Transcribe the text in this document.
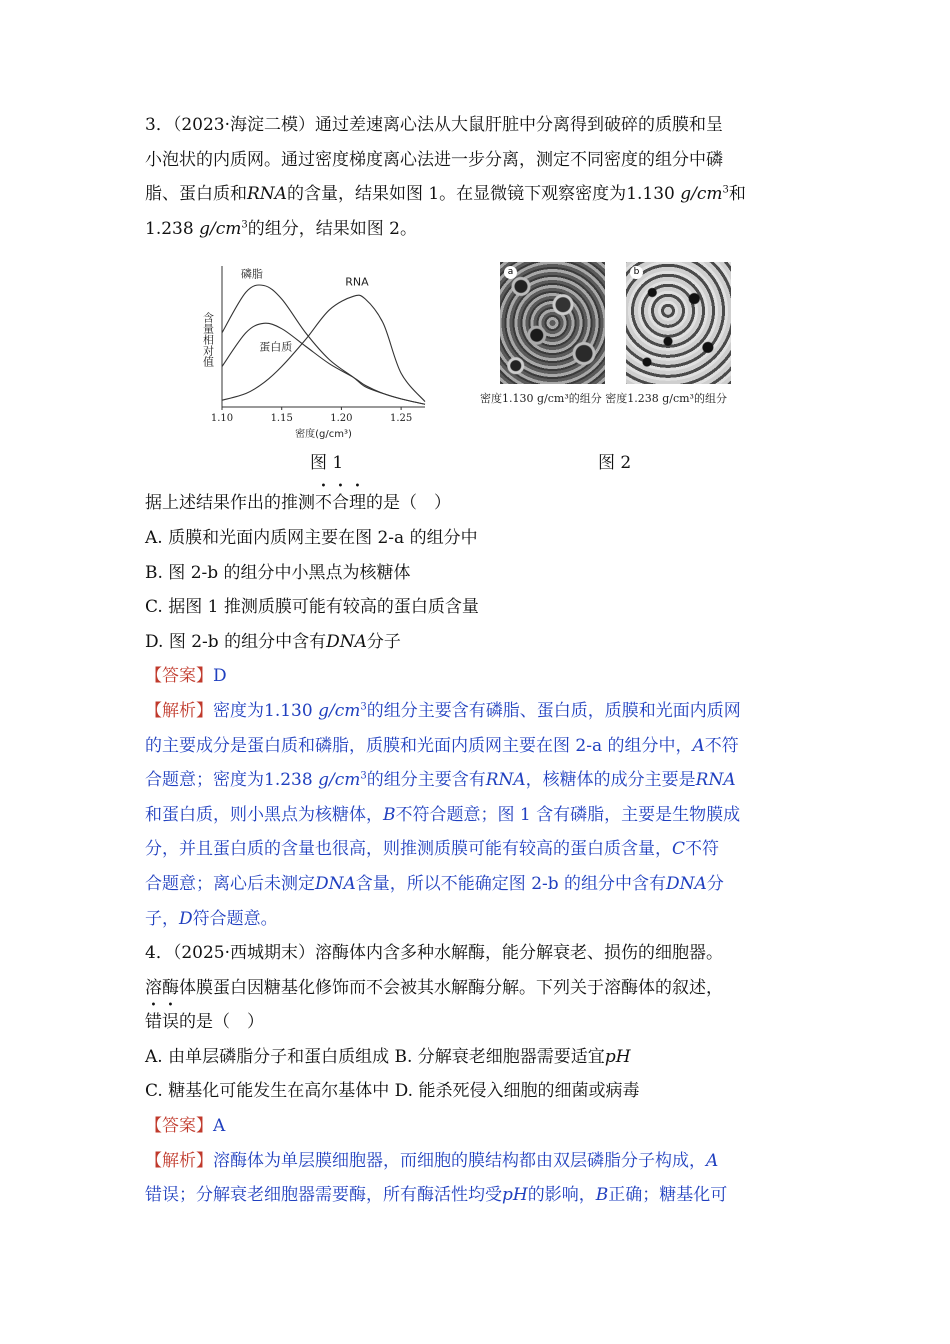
3．（2023·海淀二模）通过差速离心法从大鼠肝脏中分离得到破碎的质膜和呈

小泡状的内质网。通过密度梯度离心法进一步分离，测定不同密度的组分中磷

脂、蛋白质和RNA的含量，结果如图 1。在显微镜下观察密度为1.130 $g/cm^3$和

1.238 $g/cm^3$的组分，结果如图 2。

含量相对值
1.10	1.15	1.20	1.25
密度(g/cm³)
磷脂
RNA
蛋白质
图 1
a	b
密度1.130 g/cm³的组分 密度1.238 g/cm³的组分
图 2

据上述结果作出的推测不合理的是（　）

A. 质膜和光面内质网主要在图 2-a 的组分中

B. 图 2-b 的组分中小黑点为核糖体

C. 据图 1 推测质膜可能有较高的蛋白质含量

D. 图 2-b 的组分中含有DNA分子

【答案】D

【解析】密度为1.130 $g/cm^3$的组分主要含有磷脂、蛋白质，质膜和光面内质网

的主要成分是蛋白质和磷脂，质膜和光面内质网主要在图 2-a 的组分中，A不符

合题意；密度为1.238 $g/cm^3$的组分主要含有RNA，核糖体的成分主要是RNA

和蛋白质，则小黑点为核糖体，B不符合题意；图 1 含有磷脂，主要是生物膜成

分，并且蛋白质的含量也很高，则推测质膜可能有较高的蛋白质含量，C不符

合题意；离心后未测定DNA含量，所以不能确定图 2-b 的组分中含有DNA分

子，D符合题意。

4．（2025·西城期末）溶酶体内含多种水解酶，能分解衰老、损伤的细胞器。

溶酶体膜蛋白因糖基化修饰而不会被其水解酶分解。下列关于溶酶体的叙述，

错误的是（　）

A. 由单层磷脂分子和蛋白质组成 B. 分解衰老细胞器需要适宜pH

C. 糖基化可能发生在高尔基体中 D. 能杀死侵入细胞的细菌或病毒

【答案】A

【解析】溶酶体为单层膜细胞器，而细胞的膜结构都由双层磷脂分子构成，A

错误；分解衰老细胞器需要酶，所有酶活性均受pH的影响，B正确；糖基化可
